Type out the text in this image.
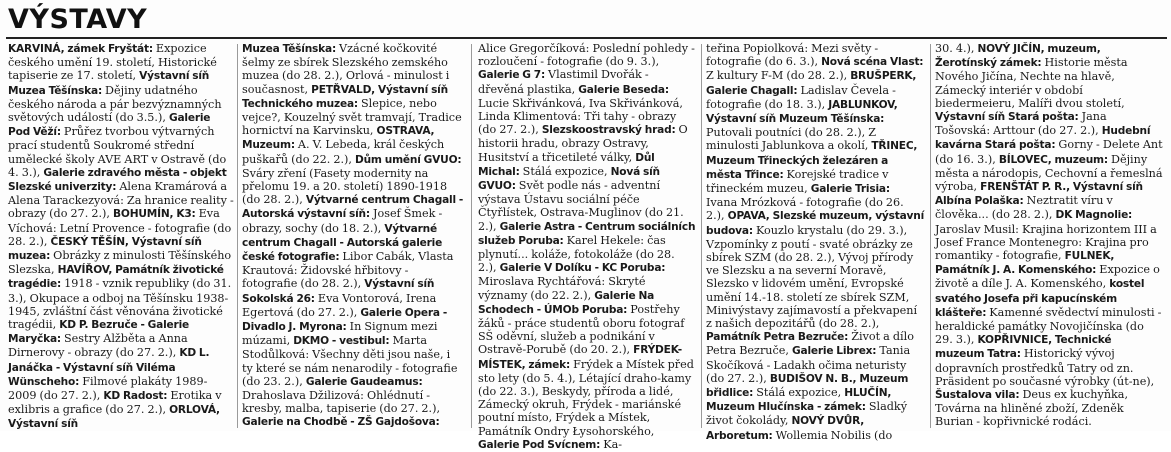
VÝSTAVY
KARVINÁ, zámek Fryštát: Expozice českého umění 19. století, Historické tapiserie ze 17. století, Výstavní síň Muzea Těšínska: Dějiny udatného českého národa a pár bezvýznamných světových událostí (do 3.5.), Galerie Pod Věží: Průřez tvorbou výtvarných prací studentů Soukromé střední umělecké školy AVE ART v Ostravě (do 4. 3.), Galerie zdravého města - objekt Slezské univerzity: Alena Kramárová a Alena Tarackezyová: Za hranice reality - obrazy (do 27. 2.), BOHUMÍN, K3: Eva Víchová: Letní Provence - fotografie (do 28. 2.), ČESKÝ TĚŠÍN, Výstavní síň muzea: Obrázky z minulosti Těšínského Slezska, HAVÍŘOV, Památník životické tragédie: 1918 - vznik republiky (do 31. 3.), Okupace a odboj na Těšínsku 1938-1945, zvláštní část věnována životické tragédii, KD P. Bezruče - Galerie Maryčka: Sestry Alžběta a Anna Dirnerovy - obrazy (do 27. 2.), KD L. Janáčka - Výstavní síň Viléma Wünscheho: Filmové plakáty 1989-2009 (do 27. 2.), KD Radost: Erotika v exlibris a grafice (do 27. 2.), ORLOVÁ, Výstavní síň
Muzea Těšínska: Vzácné kočkovité šelmy ze sbírek Slezského zemského muzea (do 28. 2.), Orlová - minulost i současnost, PETŘVALD, Výstavní síň Technického muzea: Slepice, nebo vejce?, Kouzelný svět tramvají, Tradice hornictví na Karvinsku, OSTRAVA, Muzeum: A. V. Lebeda, král českých puškařů (do 22. 2.), Dům umění GVUO: Sváry zření (Fasety modernity na přelomu 19. a 20. století) 1890-1918 (do 28. 2.), Výtvarné centrum Chagall - Autorská výstavní síň: Josef Šmek - obrazy, sochy (do 18. 2.), Výtvarné centrum Chagall - Autorská galerie české fotografie: Libor Cabák, Vlasta Krautová: Židovské hřbitovy - fotografie (do 28. 2.), Výstavní síň Sokolská 26: Eva Vontorová, Irena Egertová (do 27. 2.), Galerie Opera - Divadlo J. Myrona: In Signum mezi múzami, DKMO - vestibul: Marta Stodůlková: Všechny děti jsou naše, i ty které se nám nenarodily - fotografie (do 23. 2.), Galerie Gaudeamus: Drahoslava Džilizová: Ohlédnutí - kresby, malba, tapiserie (do 27. 2.), Galerie na Chodbě - ZŠ Gajdošova:
Alice Gregorčíková: Poslední pohledy - rozloučení - fotografie (do 9. 3.), Galerie G 7: Vlastimil Dvořák - dřevěná plastika, Galerie Beseda: Lucie Skřivánková, Iva Skřivánková, Linda Klimentová: Tři tahy - obrazy (do 27. 2.), Slezskoostravský hrad: O historii hradu, obrazy Ostravy, Husitství a třicetileté války, Důl Michal: Stálá expozice, Nová síň GVUO: Svět podle nás - adventní výstava Ústavu sociální péče Čtyřlístek, Ostrava-Muglinov (do 21. 2.), Galerie Astra - Centrum sociálních služeb Poruba: Karel Hekele: čas plynutí... koláže, fotokoláže (do 28. 2.), Galerie V Dolíku - KC Poruba: Miroslava Rychtářová: Skryté významy (do 22. 2.), Galerie Na Schodech - ÚMOb Poruba: Postřehy žáků - práce studentů oboru fotograf SŠ oděvní, služeb a podnikání v Ostravě-Porubě (do 20. 2.), FRÝDEK-MÍSTEK, zámek: Frýdek a Místek před sto lety (do 5. 4.), Létající draho-kamy (do 22. 3.), Beskydy, příroda a lidé, Zámecký okruh, Frýdek - mariánské poutní místo, Frýdek a Místek, Památník Ondry Łysohorského, Galerie Pod Svícnem: Ka-
teřina Popiolková: Mezi světy - fotografie (do 6. 3.), Nová scéna Vlast: Z kultury F-M (do 28. 2.), BRUŠPERK, Galerie Chagall: Ladislav Čevela - fotografie (do 18. 3.), JABLUNKOV, Výstavní síň Muzeum Těšínska: Putovali poutníci (do 28. 2.), Z minulosti Jablunkova a okolí, TŘINEC, Muzeum Třineckých železáren a města Třince: Korejské tradice v třineckém muzeu, Galerie Trisia: Ivana Mrózková - fotografie (do 26. 2.), OPAVA, Slezské muzeum, výstavní budova: Kouzlo krystalu (do 29. 3.), Vzpomínky z poutí - svaté obrázky ze sbírek SZM (do 28. 2.), Vývoj přírody ve Slezsku a na severní Moravě, Slezsko v lidovém umění, Evropské umění 14.-18. století ze sbírek SZM, Minivýstavy zajímavostí a překvapení z našich depozitářů (do 28. 2.), Památník Petra Bezruče: Život a dílo Petra Bezruče, Galerie Librex: Tania Skočíková - Ladakh očima neturisty (do 27. 2.), BUDIŠOV N. B., Muzeum břidlice: Stálá expozice, HLUČÍN, Muzeum Hlučínska - zámek: Sladký život čokolády, NOVÝ DVŮR, Arboretum: Wollemia Nobilis (do
30. 4.), NOVÝ JIČÍN, muzeum, Žerotínský zámek: Historie města Nového Jičína, Nechte na hlavě, Zámecký interiér v období biedermeieru, Malíři dvou století, Výstavní síň Stará pošta: Jana Tošovská: Arttour (do 27. 2.), Hudební kavárna Stará pošta: Gorny - Delete Ant (do 16. 3.), BÍLOVEC, muzeum: Dějiny města a národopis, Cechovní a řemeslná výroba, FRENŠTÁT P. R., Výstavní síň Albína Polaška: Neztratit víru v člověka... (do 28. 2.), DK Magnolie: Jaroslav Musil: Krajina horizontem III a Josef France Montenegro: Krajina pro romantiky - fotografie, FULNEK, Památník J. A. Komenského: Expozice o životě a díle J. A. Komenského, kostel svatého Josefa při kapucínském klášteře: Kamenné svědectví minulosti - heraldické památky Novojičínska (do 29. 3.), KOPŘIVNICE, Technické muzeum Tatra: Historický vývoj dopravních prostředků Tatry od zn. Präsident po současné výrobky (út-ne), Šustalova vila: Deus ex kuchyňka, Továrna na hliněné zboží, Zdeněk Burian - kopřivnické rodáci.
